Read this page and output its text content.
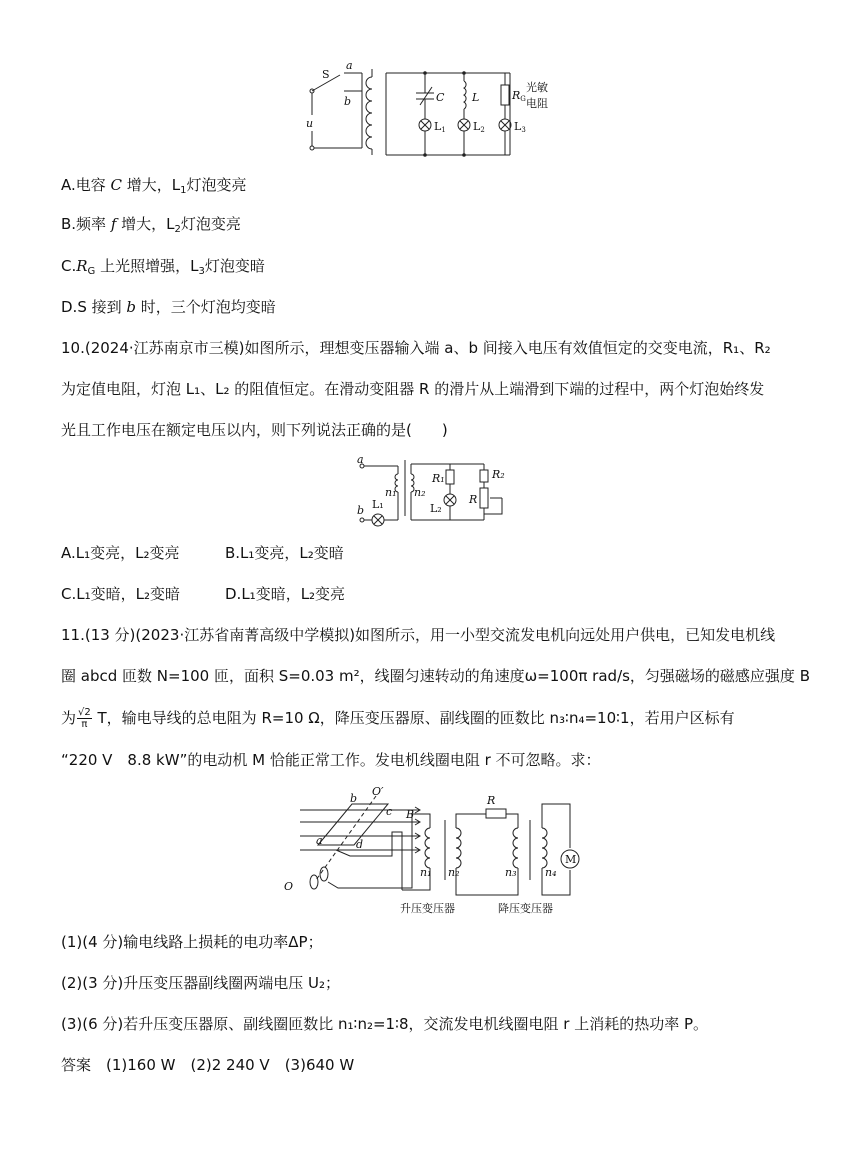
S
a
b
u
C	L	RG
光敏
电阻
L1 L2	L3
A.电容 C 增大，$L_1$灯泡变亮
B.频率 f 增大，$L_2$灯泡变亮
$C.R_G$ 上光照增强，$L_3$灯泡变暗
D.S 接到 b 时，三个灯泡均变暗
10.(2024·江苏南京市三模)如图所示，理想变压器输入端 a、b 间接入电压有效值恒定的交变电流，R₁、R₂
为定值电阻，灯泡 L₁、L₂ 的阻值恒定。在滑动变阻器 R 的滑片从上端滑到下端的过程中，两个灯泡始终发
光且工作电压在额定电压以内，则下列说法正确的是(　　)
a
b
n₁ n₂
R₁	R₂
R
L₁	L₂
A.L₁变亮，L₂变亮	B.L₁变亮，L₂变暗
C.L₁变暗，L₂变暗	D.L₁变暗，L₂变亮
11.(13 分)(2023·江苏省南菁高级中学模拟)如图所示，用一小型交流发电机向远处用户供电，已知发电机线
圈 abcd 匝数 N=100 匝，面积 S=0.03 m²，线圈匀速转动的角速度ω=100π rad/s，匀强磁场的磁感应强度 B
为 $\frac{√2}{\pi}$ T，输电导线的总电阻为 R=10 Ω，降压变压器原、副线圈的匝数比 n₃∶n₄=10∶1，若用户区标有
“220 V　8.8 kW”的电动机 M 恰能正常工作。发电机线圈电阻 r 不可忽略。求：
O′
O
b
c B
a	d
R
M
n₁ n₂	n₃	n₄
升压变压器	降压变压器
(1)(4 分)输电线路上损耗的电功率ΔP；
(2)(3 分)升压变压器副线圈两端电压 U₂；
(3)(6 分)若升压变压器原、副线圈匝数比 n₁∶n₂=1∶8，交流发电机线圈电阻 r 上消耗的热功率 P。
答案　(1)160 W　(2)2 240 V　(3)640 W
